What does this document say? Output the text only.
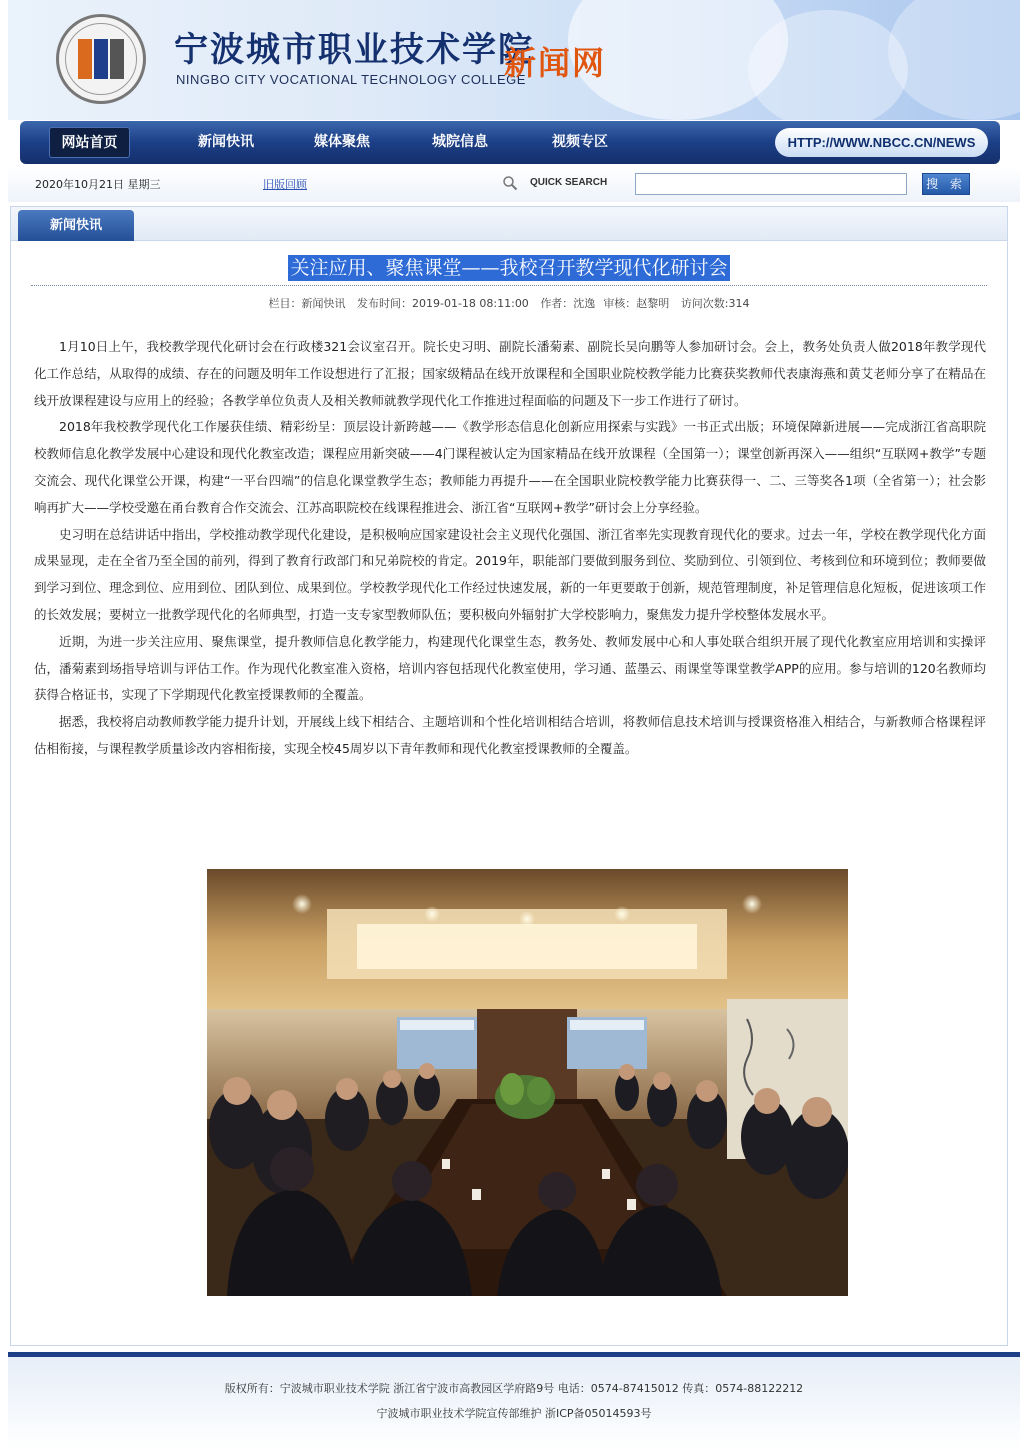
宁波城市职业技术学院
NINGBO CITY VOCATIONAL TECHNOLOGY COLLEGE
新闻网
网站首页	新闻快讯	媒体聚焦	城院信息	视频专区	HTTP://WWW.NBCC.CN/NEWS
2020年10月21日 星期三	旧版回顾	QUICK SEARCH	搜 索
新闻快讯
关注应用、聚焦课堂——我校召开教学现代化研讨会
栏目：新闻快讯 发布时间：2019-01-18 08:11:00 作者：沈逸 审核：赵黎明 访问次数:314

1月10日上午，我校教学现代化研讨会在行政楼321会议室召开。院长史习明、副院长潘菊素、副院长吴向鹏等人参加研讨会。会上，教务处负责人做2018年教学现代化工作总结，从取得的成绩、存在的问题及明年工作设想进行了汇报；国家级精品在线开放课程和全国职业院校教学能力比赛获奖教师代表康海燕和黄艾老师分享了在精品在线开放课程建设与应用上的经验；各教学单位负责人及相关教师就教学现代化工作推进过程面临的问题及下一步工作进行了研讨。

2018年我校教学现代化工作屡获佳绩、精彩纷呈：顶层设计新跨越——《教学形态信息化创新应用探索与实践》一书正式出版；环境保障新进展——完成浙江省高职院校教师信息化教学发展中心建设和现代化教室改造；课程应用新突破——4门课程被认定为国家精品在线开放课程（全国第一）；课堂创新再深入——组织“互联网+教学”专题交流会、现代化课堂公开课，构建“一平台四端”的信息化课堂教学生态；教师能力再提升——在全国职业院校教学能力比赛获得一、二、三等奖各1项（全省第一）；社会影响再扩大——学校受邀在甬台教育合作交流会、江苏高职院校在线课程推进会、浙江省“互联网+教学”研讨会上分享经验。

史习明在总结讲话中指出，学校推动教学现代化建设，是积极响应国家建设社会主义现代化强国、浙江省率先实现教育现代化的要求。过去一年，学校在教学现代化方面成果显现，走在全省乃至全国的前列，得到了教育行政部门和兄弟院校的肯定。2019年，职能部门要做到服务到位、奖励到位、引领到位、考核到位和环境到位；教师要做到学习到位、理念到位、应用到位、团队到位、成果到位。学校教学现代化工作经过快速发展，新的一年更要敢于创新，规范管理制度，补足管理信息化短板，促进该项工作的长效发展；要树立一批教学现代化的名师典型，打造一支专家型教师队伍；要积极向外辐射扩大学校影响力，聚焦发力提升学校整体发展水平。

近期，为进一步关注应用、聚焦课堂，提升教师信息化教学能力，构建现代化课堂生态，教务处、教师发展中心和人事处联合组织开展了现代化教室应用培训和实操评估，潘菊素到场指导培训与评估工作。作为现代化教室准入资格，培训内容包括现代化教室使用，学习通、蓝墨云、雨课堂等课堂教学APP的应用。参与培训的120名教师均获得合格证书，实现了下学期现代化教室授课教师的全覆盖。

据悉，我校将启动教师教学能力提升计划，开展线上线下相结合、主题培训和个性化培训相结合培训，将教师信息技术培训与授课资格准入相结合，与新教师合格课程评估相衔接，与课程教学质量诊改内容相衔接，实现全校45周岁以下青年教师和现代化教室授课教师的全覆盖。

版权所有：宁波城市职业技术学院 浙江省宁波市高教园区学府路9号 电话：0574-87415012 传真：0574-88122212
宁波城市职业技术学院宣传部维护 浙ICP备05014593号
